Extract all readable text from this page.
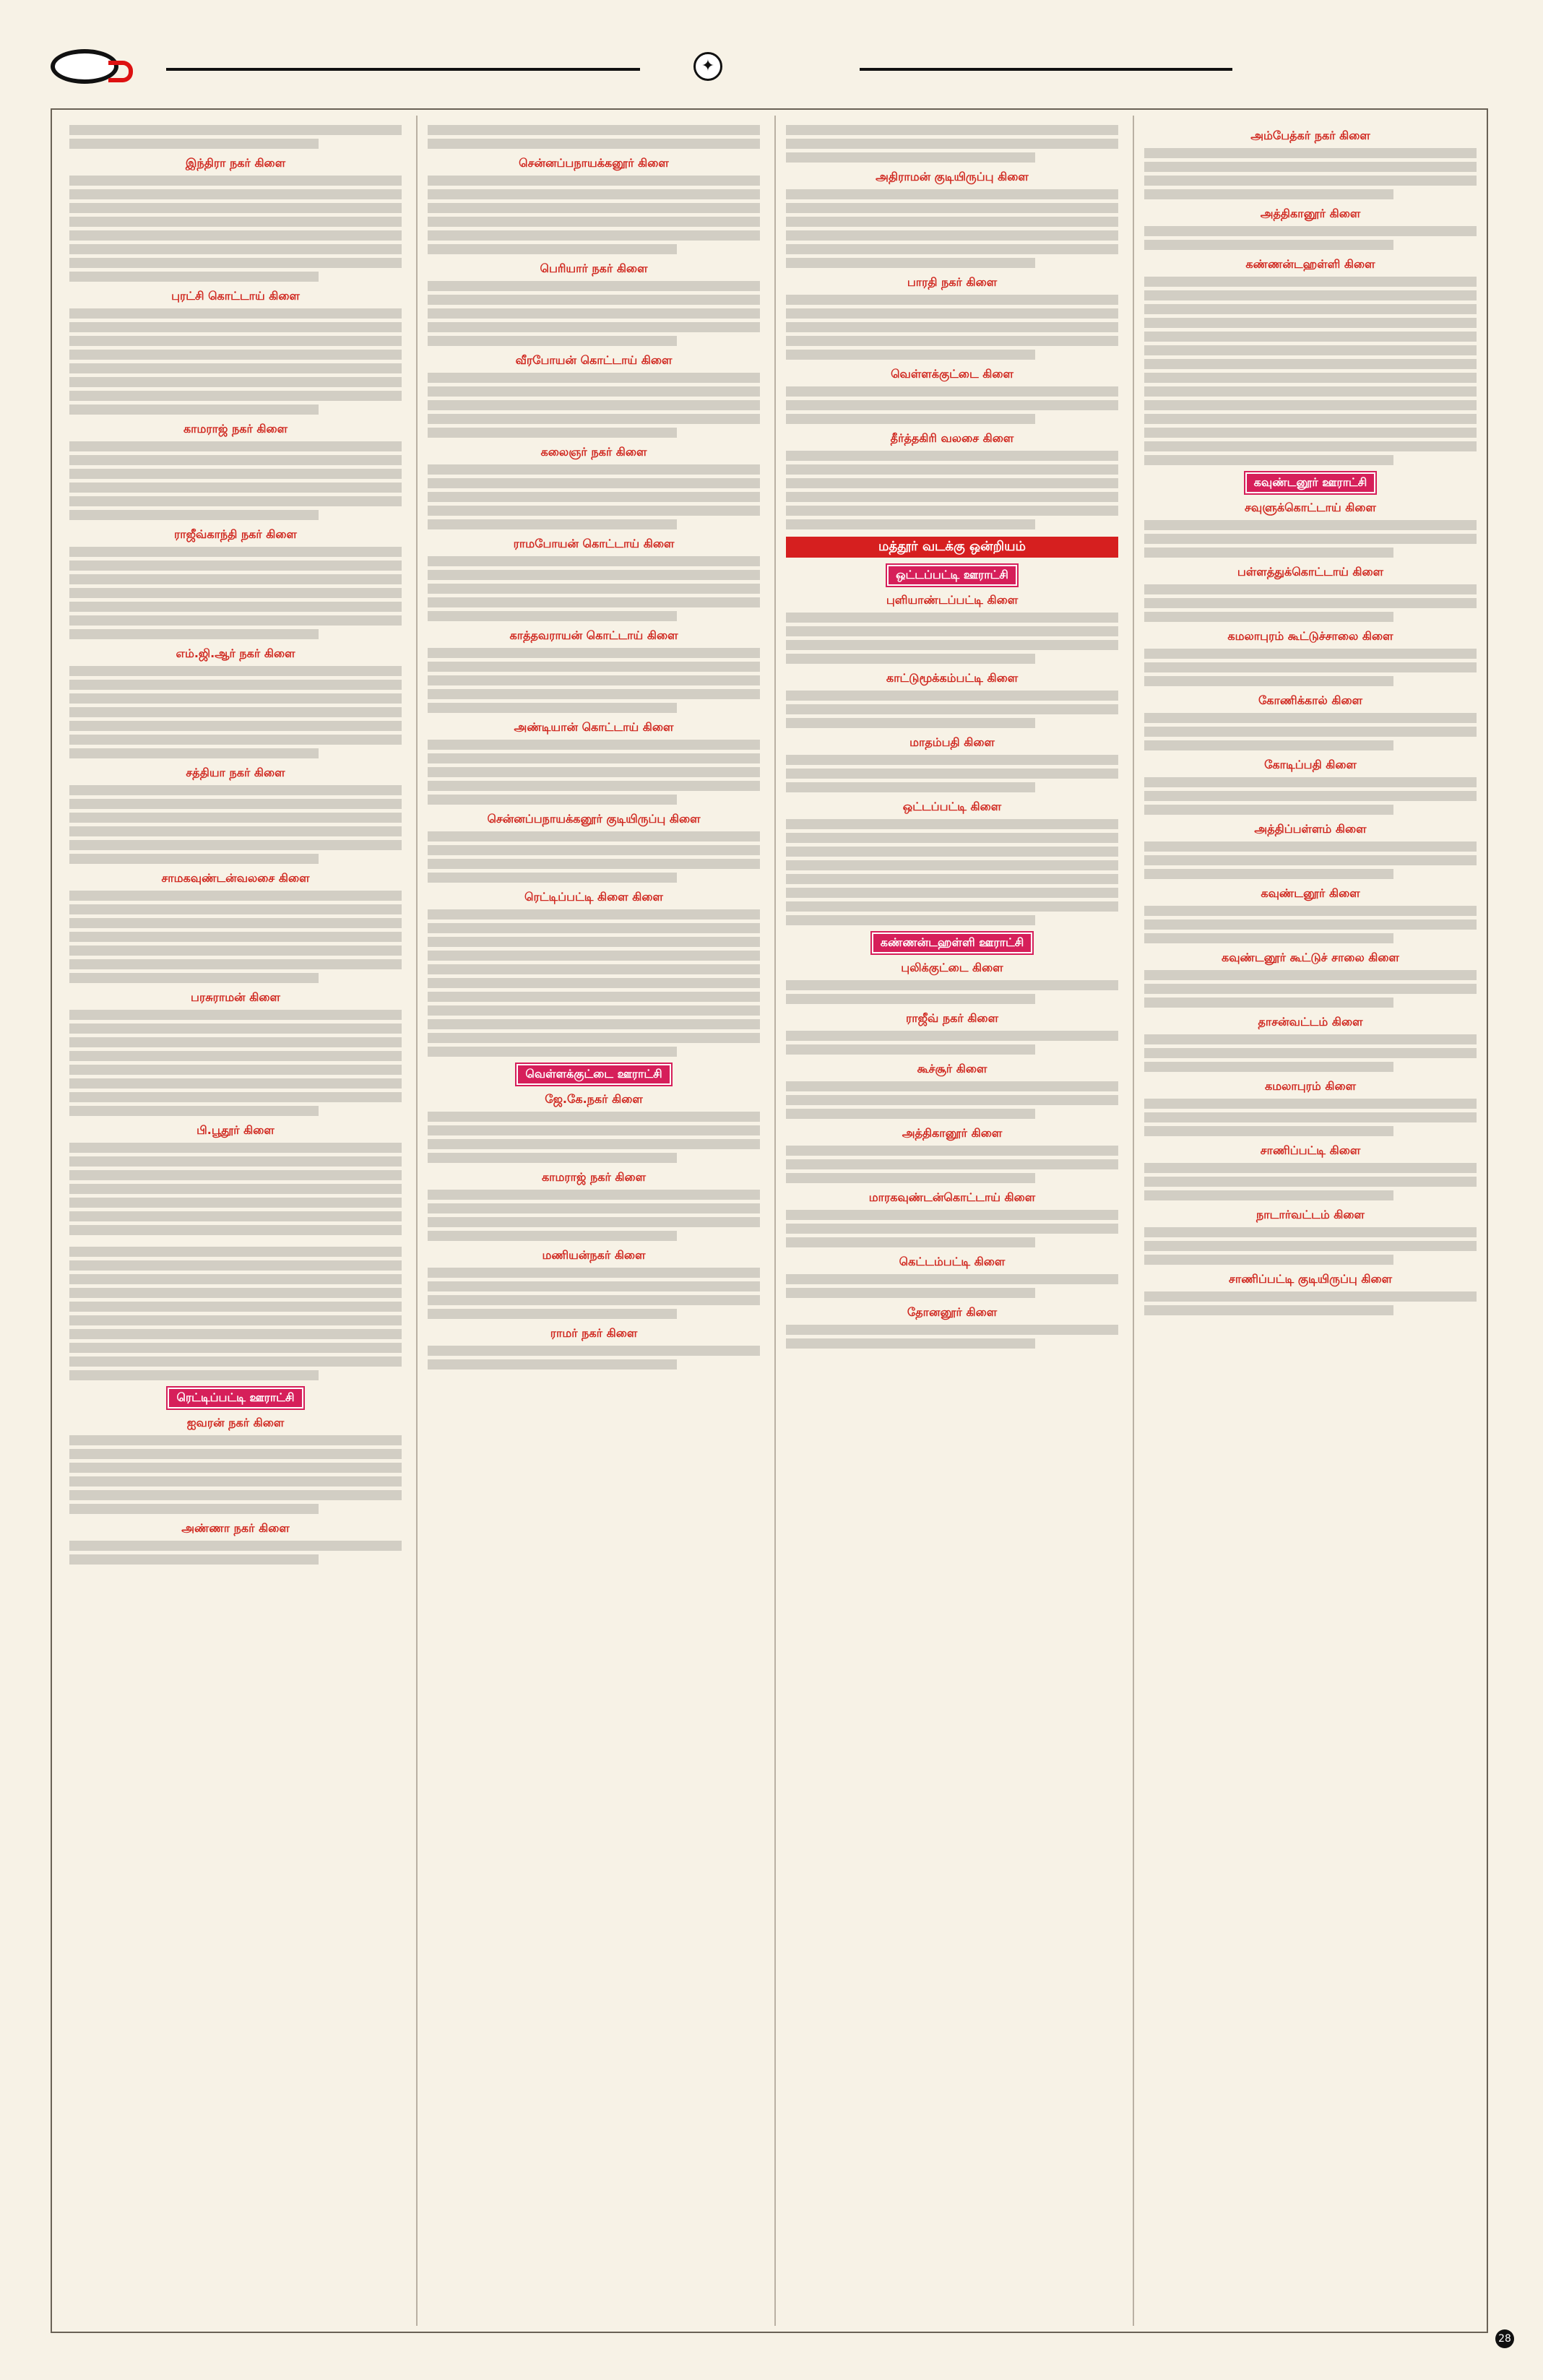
✦
இந்திரா நகர் கிளை
புரட்சி கொட்டாய் கிளை
காமராஜ் நகர் கிளை
ராஜீவ்காந்தி நகர் கிளை
எம்.ஜி.ஆர் நகர் கிளை
சத்தியா நகர் கிளை
சாமகவுண்டன்வலசை கிளை
பரசுராமன் கிளை
பி.பூதூர் கிளை
ரெட்டிப்பட்டி ஊராட்சி
ஐவரன் நகர் கிளை
அண்ணா நகர் கிளை
சென்னப்பநாயக்கனூர் கிளை
பெரியார் நகர் கிளை
வீரபோயன் கொட்டாய் கிளை
கலைஞர் நகர் கிளை
ராமபோயன் கொட்டாய் கிளை
காத்தவராயன் கொட்டாய் கிளை
அண்டியான் கொட்டாய் கிளை
சென்னப்பநாயக்கனூர் குடியிருப்பு கிளை
ரெட்டிப்பட்டி கிளை கிளை
வெள்ளக்குட்டை ஊராட்சி
ஜே.கே.நகர் கிளை
காமராஜ் நகர் கிளை
மணியன்நகர் கிளை
ராமர் நகர் கிளை
அதிராமன் குடியிருப்பு கிளை
பாரதி நகர் கிளை
வெள்ளக்குட்டை கிளை
தீர்த்தகிரி வலசை கிளை
மத்தூர் வடக்கு ஒன்றியம்
ஒட்டப்பட்டி ஊராட்சி
புளியாண்டப்பட்டி கிளை
காட்டுமூக்கம்பட்டி கிளை
மாதம்பதி கிளை
ஒட்டப்பட்டி கிளை
கண்ணன்டஹள்ளி ஊராட்சி
புலிக்குட்டை கிளை
ராஜீவ் நகர் கிளை
கூச்சூர் கிளை
அத்திகானூர் கிளை
மாரகவுண்டன்கொட்டாய் கிளை
கெட்டம்பட்டி கிளை
தோனனூர் கிளை
அம்பேத்கர் நகர் கிளை
அத்திகானூர் கிளை
கண்ணன்டஹள்ளி கிளை
கவுண்டனூர் ஊராட்சி
சவுளுக்கொட்டாய் கிளை
பள்ளத்துக்கொட்டாய் கிளை
கமலாபுரம் கூட்டுச்சாலை கிளை
கோணிக்கால் கிளை
கோடிப்பதி கிளை
அத்திப்பள்ளம் கிளை
கவுண்டனூர் கிளை
கவுண்டனூர் கூட்டுச் சாலை கிளை
தாசன்வட்டம் கிளை
கமலாபுரம் கிளை
சாணிப்பட்டி கிளை
நாடார்வட்டம் கிளை
சாணிப்பட்டி குடியிருப்பு கிளை
28
